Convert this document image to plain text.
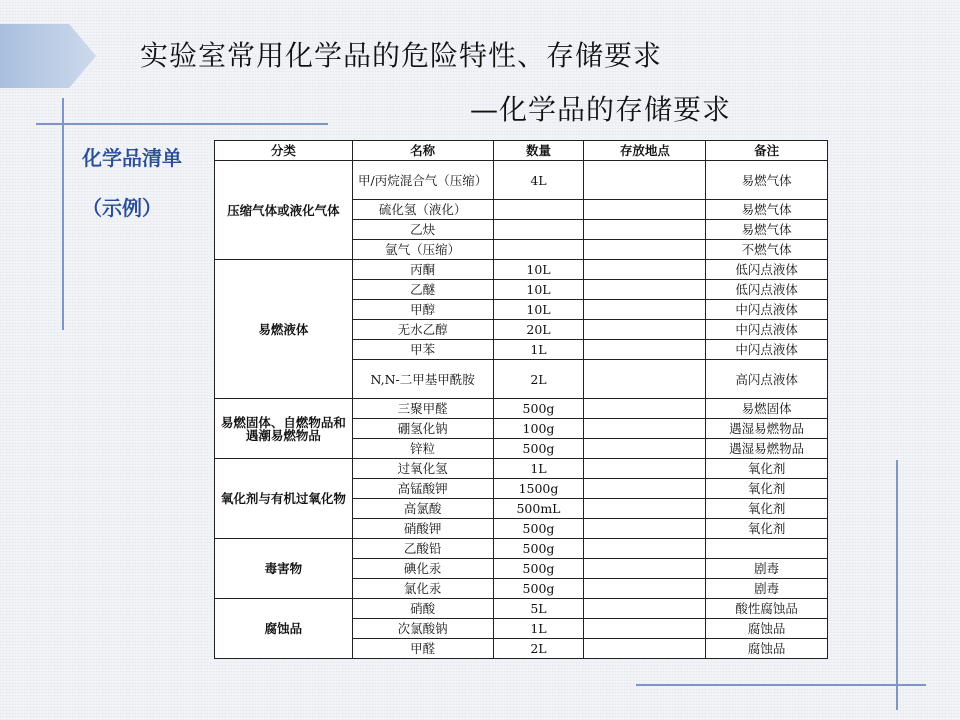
实验室常用化学品的危险特性、存储要求
—化学品的存储要求
化学品清单
（示例）
分类	名称	数量	存放地点	备注
压缩气体或液化气体	甲/丙烷混合气（压缩）	4L		易燃气体
	硫化氢（液化）			易燃气体
	乙炔			易燃气体
	氩气（压缩）			不燃气体
易燃液体	丙酮	10L		低闪点液体
	乙醚	10L		低闪点液体
	甲醇	10L		中闪点液体
	无水乙醇	20L		中闪点液体
	甲苯	1L		中闪点液体
	N,N-二甲基甲酰胺	2L		高闪点液体
易燃固体、自燃物品和遇潮易燃物品	三聚甲醛	500g		易燃固体
	硼氢化钠	100g		遇湿易燃物品
	锌粒	500g		遇湿易燃物品
氧化剂与有机过氧化物	过氧化氢	1L		氧化剂
	高锰酸钾	1500g		氧化剂
	高氯酸	500mL		氧化剂
	硝酸钾	500g		氧化剂
毒害物	乙酸铅	500g		
	碘化汞	500g		剧毒
	氯化汞	500g		剧毒
腐蚀品	硝酸	5L		酸性腐蚀品
	次氯酸钠	1L		腐蚀品
	甲醛	2L		腐蚀品
